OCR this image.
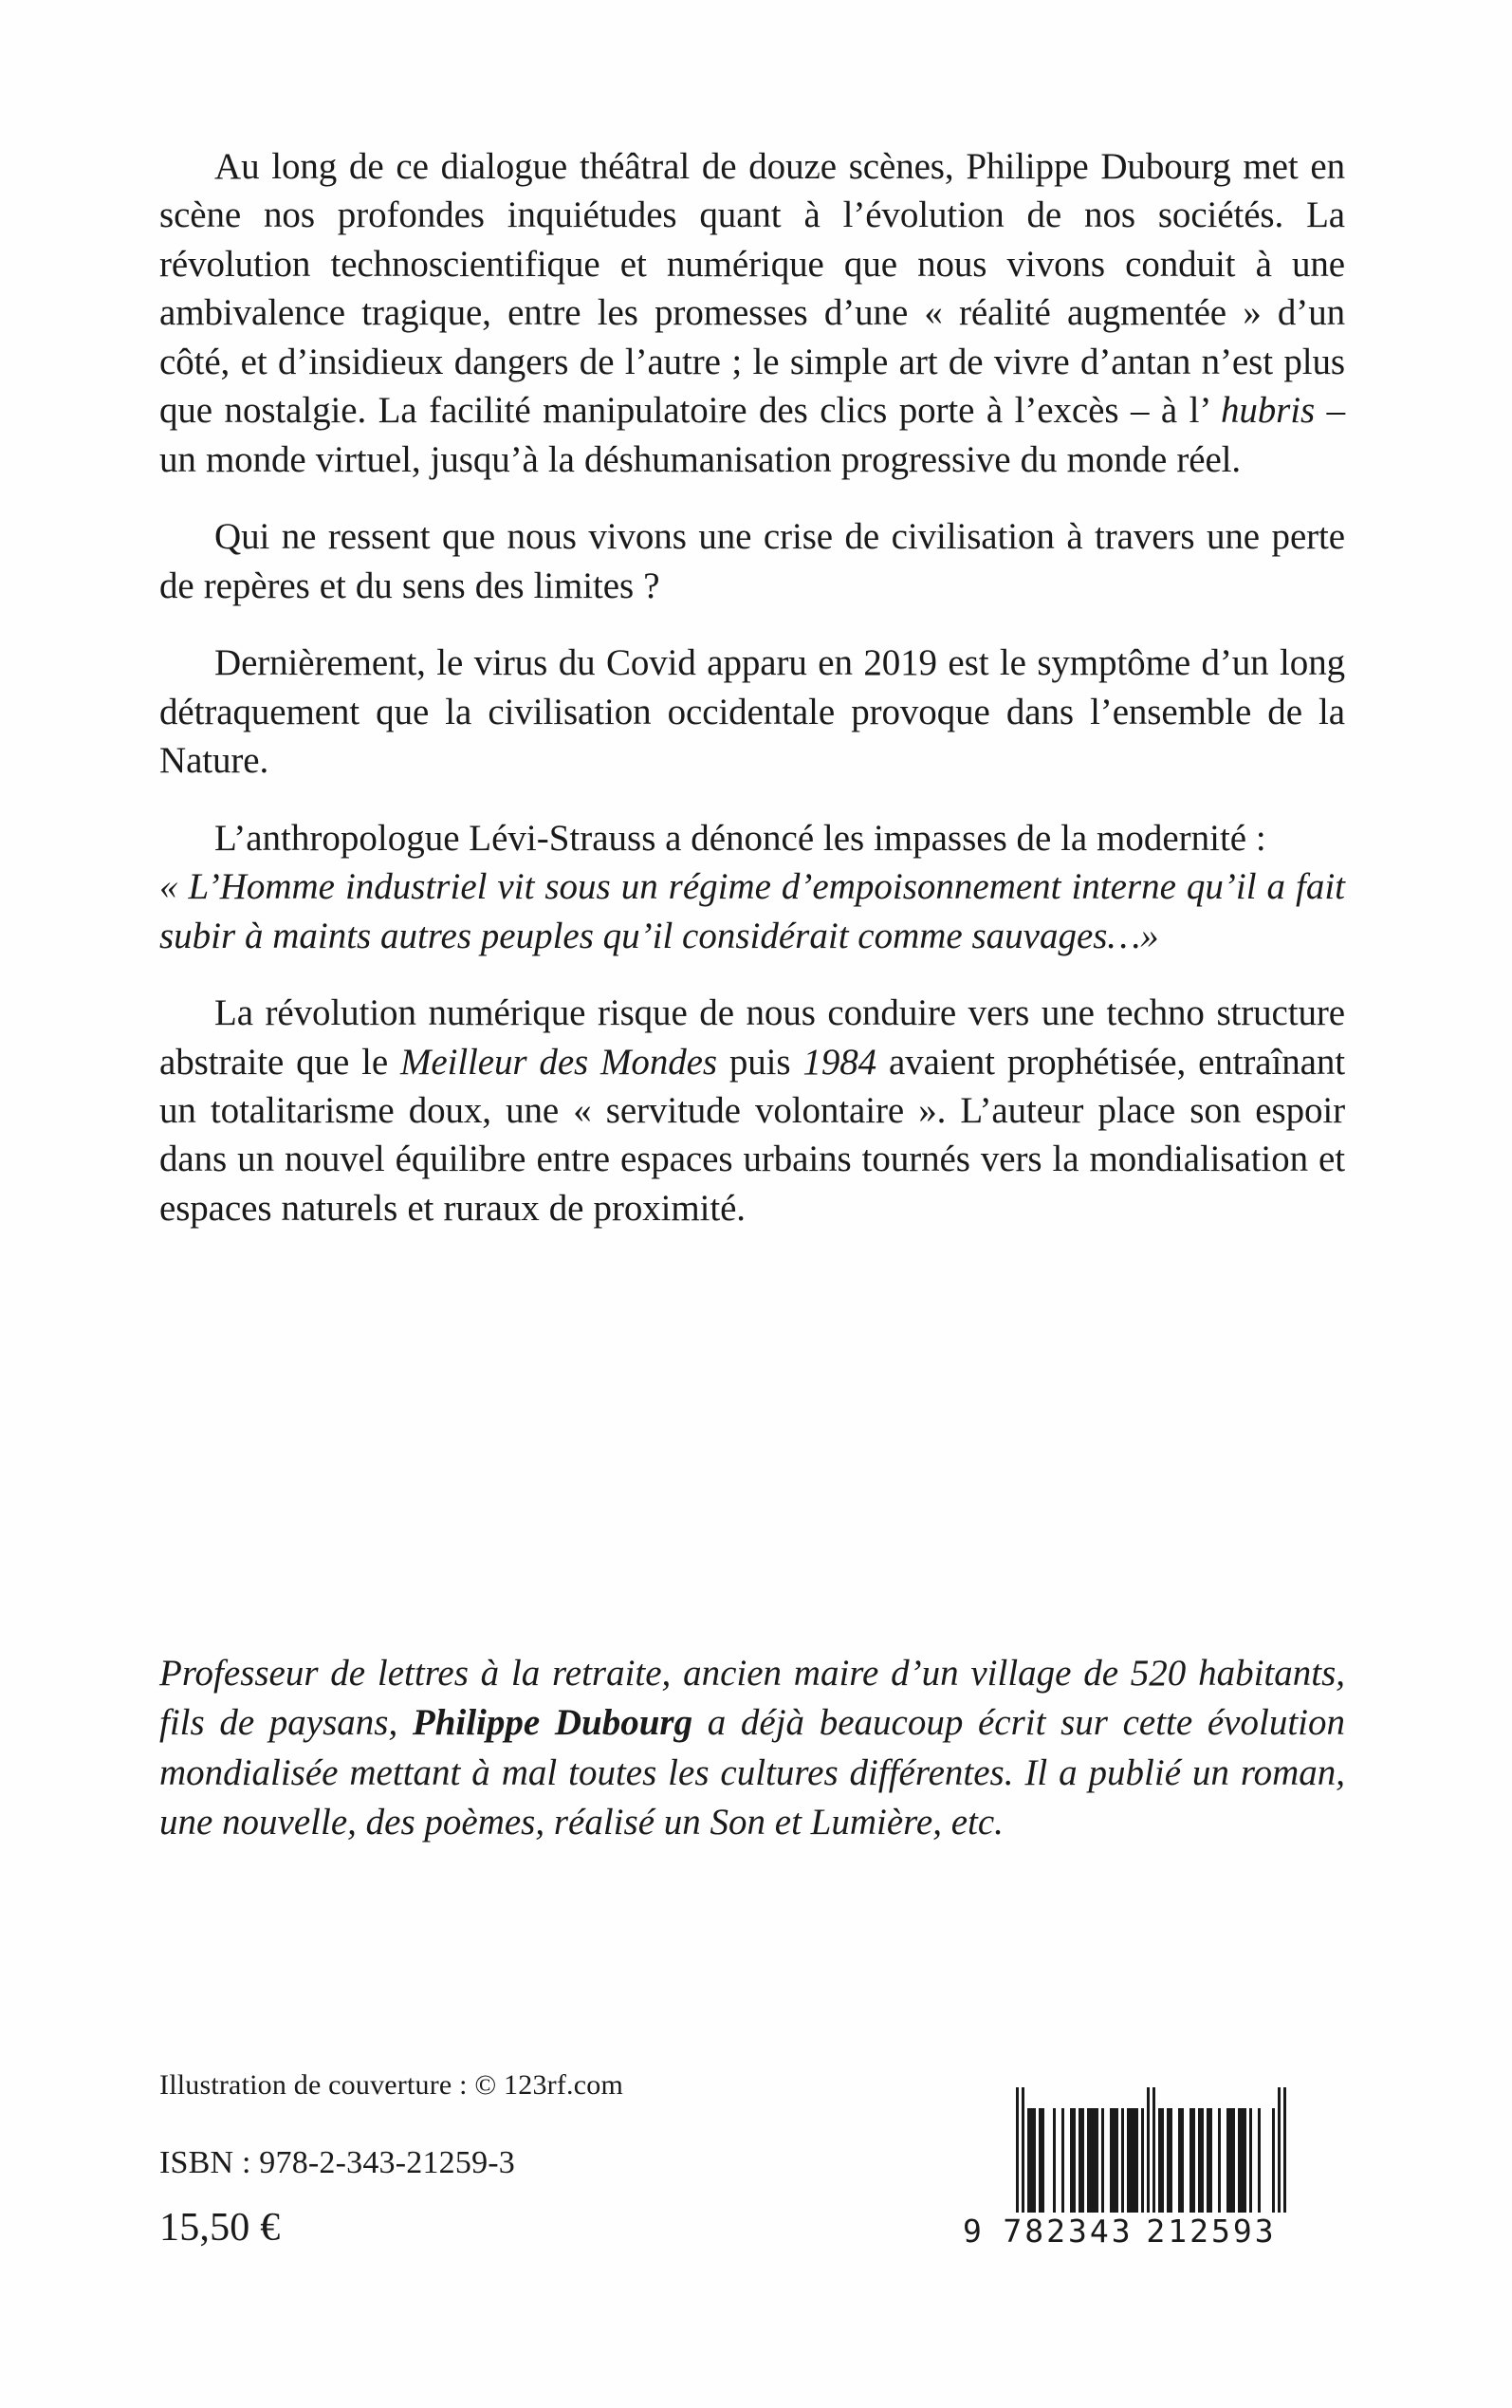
Au long de ce dialogue théâtral de douze scènes, Philippe Dubourg met en scène nos profondes inquiétudes quant à l’évolution de nos sociétés. La révolution technoscientifique et numérique que nous vivons conduit à une ambivalence tragique, entre les promesses d’une « réalité augmentée » d’un côté, et d’insidieux dangers de l’autre ; le simple art de vivre d’antan n’est plus que nostalgie. La facilité manipulatoire des clics porte à l’excès – à l’ hubris – un monde virtuel, jusqu’à la déshumanisation progressive du monde réel.

Qui ne ressent que nous vivons une crise de civilisation à travers une perte de repères et du sens des limites ?

Dernièrement, le virus du Covid apparu en 2019 est le symptôme d’un long détraquement que la civilisation occidentale provoque dans l’ensemble de la Nature.

L’anthropologue Lévi-Strauss a dénoncé les impasses de la modernité :
« L’Homme industriel vit sous un régime d’empoisonnement interne qu’il a fait subir à maints autres peuples qu’il considérait comme sauvages…»

La révolution numérique risque de nous conduire vers une techno structure abstraite que le Meilleur des Mondes puis 1984 avaient prophétisée, entraînant un totalitarisme doux, une « servitude volontaire ». L’auteur place son espoir dans un nouvel équilibre entre espaces urbains tournés vers la mondialisation et espaces naturels et ruraux de proximité.

Professeur de lettres à la retraite, ancien maire d’un village de 520 habitants, fils de paysans, Philippe Dubourg a déjà beaucoup écrit sur cette évolution mondialisée mettant à mal toutes les cultures différentes. Il a publié un roman, une nouvelle, des poèmes, réalisé un Son et Lumière, etc.

Illustration de couverture : © 123rf.com

ISBN : 978-2-343-21259-3

15,50 €	9 782343 212593
